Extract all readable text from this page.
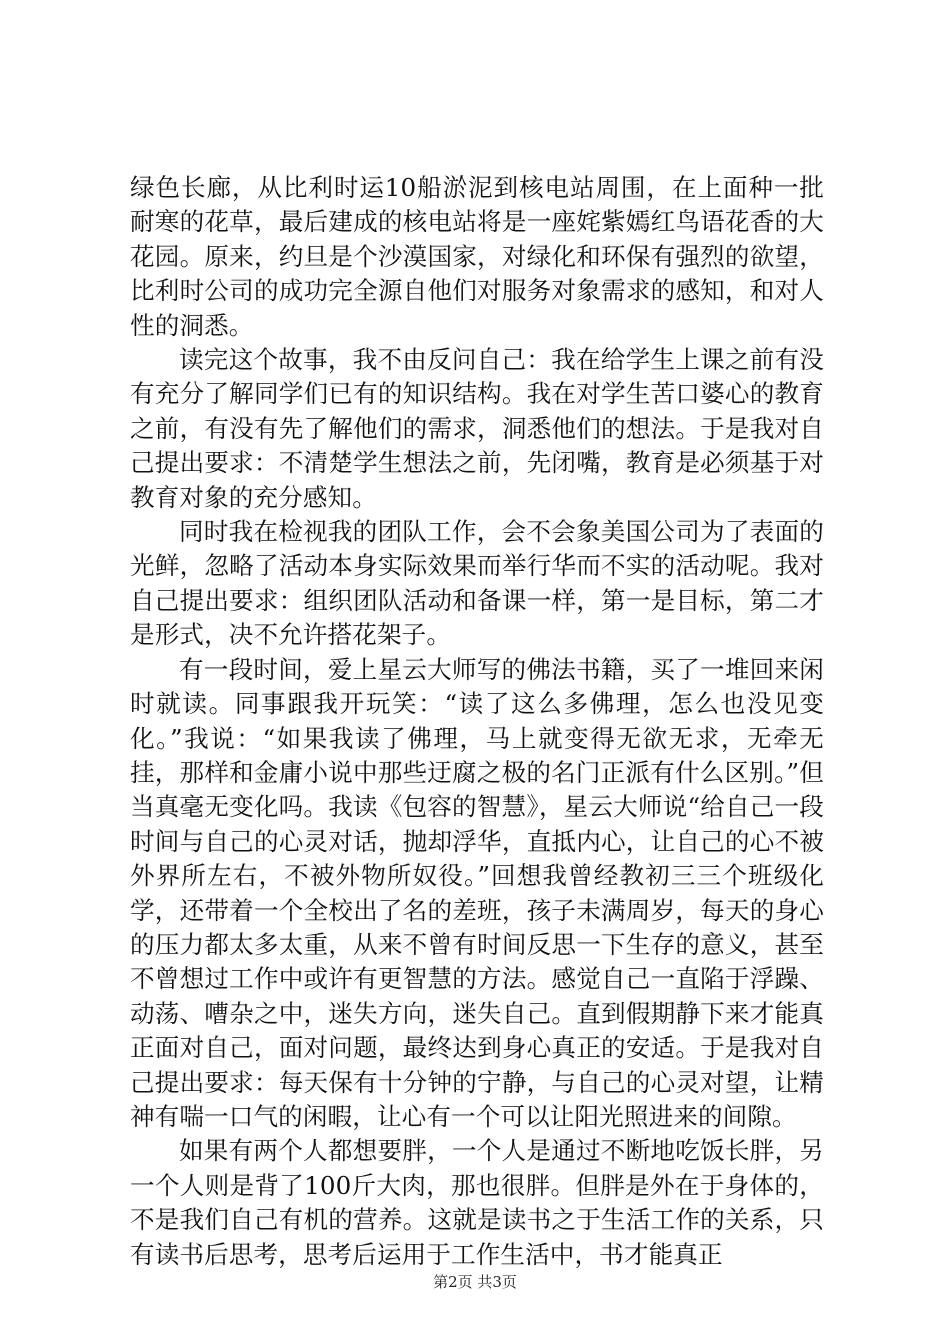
绿色长廊，从比利时运10船淤泥到核电站周围，在上面种一批耐寒的花草，最后建成的核电站将是一座姹紫嫣红鸟语花香的大花园。原来，约旦是个沙漠国家，对绿化和环保有强烈的欲望，比利时公司的成功完全源自他们对服务对象需求的感知，和对人性的洞悉。

读完这个故事，我不由反问自己：我在给学生上课之前有没有充分了解同学们已有的知识结构。我在对学生苦口婆心的教育之前，有没有先了解他们的需求，洞悉他们的想法。于是我对自己提出要求：不清楚学生想法之前，先闭嘴，教育是必须基于对教育对象的充分感知。

同时我在检视我的团队工作，会不会象美国公司为了表面的光鲜，忽略了活动本身实际效果而举行华而不实的活动呢。我对自己提出要求：组织团队活动和备课一样，第一是目标，第二才是形式，决不允许搭花架子。

有一段时间，爱上星云大师写的佛法书籍，买了一堆回来闲时就读。同事跟我开玩笑：“读了这么多佛理，怎么也没见变化。”我说：“如果我读了佛理，马上就变得无欲无求，无牵无挂，那样和金庸小说中那些迂腐之极的名门正派有什么区别。”但当真毫无变化吗。我读《包容的智慧》，星云大师说“给自己一段时间与自己的心灵对话，抛却浮华，直抵内心，让自己的心不被外界所左右，不被外物所奴役。”回想我曾经教初三三个班级化学，还带着一个全校出了名的差班，孩子未满周岁，每天的身心的压力都太多太重，从来不曾有时间反思一下生存的意义，甚至不曾想过工作中或许有更智慧的方法。感觉自己一直陷于浮躁、动荡、嘈杂之中，迷失方向，迷失自己。直到假期静下来才能真正面对自己，面对问题，最终达到身心真正的安适。于是我对自己提出要求：每天保有十分钟的宁静，与自己的心灵对望，让精神有喘一口气的闲暇，让心有一个可以让阳光照进来的间隙。

如果有两个人都想要胖，一个人是通过不断地吃饭长胖，另一个人则是背了100斤大肉，那也很胖。但胖是外在于身体的，不是我们自己有机的营养。这就是读书之于生活工作的关系，只有读书后思考，思考后运用于工作生活中，书才能真正

第2页 共3页
